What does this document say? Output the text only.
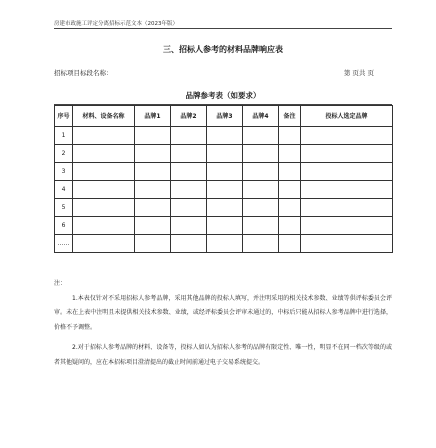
房建市政施工评定分离招标示范文本（2023年版）
三、招标人参考的材料品牌响应表
招标项目标段名称：	第 页共 页
品牌参考表（如要求）
序号	材料、设备名称	品牌1	品牌2	品牌3	品牌4	备注	投标人选定品牌
1							
2							
3							
4							
5							
6							
……							
注：

1.本表仅针对不采用招标人参考品牌，采用其他品牌的投标人填写，并注明采用的相关技术参数、业绩等供评标委员会评审。未在上表中注明且未提供相关技术参数、业绩，或经评标委员会评审未通过的，中标后只能从招标人参考品牌中进行选择，价格不予调整。

2.对于招标人参考品牌的材料、设备等，投标人如认为招标人参考的品牌有限定性、唯一性，明显不在同一档次等级的或者其他疑问的，应在本招标项目澄清提出的截止时间前通过电子交易系统提交。
